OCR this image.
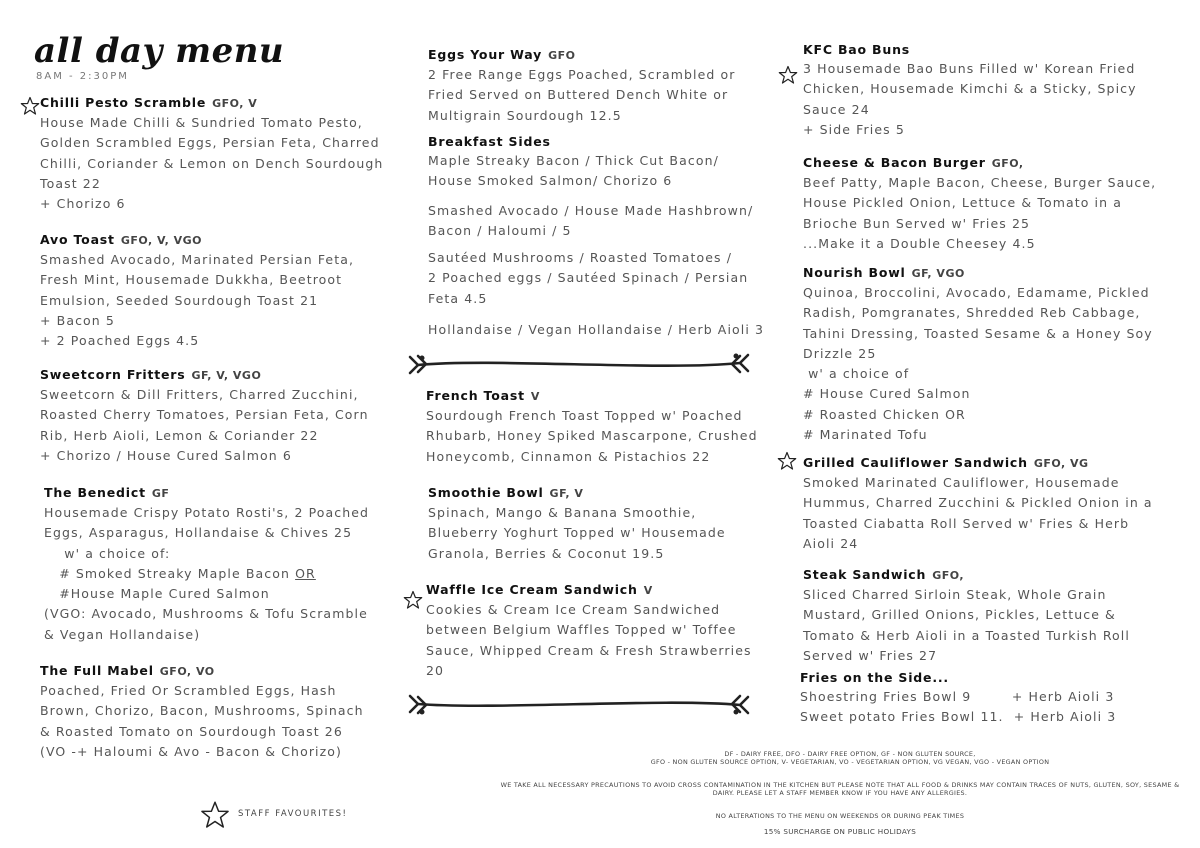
all day menu
8AM - 2:30PM
Chilli Pesto Scramble GFO, V
House Made Chilli & Sundried Tomato Pesto,
Golden Scrambled Eggs, Persian Feta, Charred
Chilli, Coriander & Lemon on Dench Sourdough
Toast 22
+ Chorizo 6
Avo Toast GFO, V, VGO
Smashed Avocado, Marinated Persian Feta,
Fresh Mint, Housemade Dukkha, Beetroot
Emulsion, Seeded Sourdough Toast 21
+ Bacon 5
+ 2 Poached Eggs 4.5
Sweetcorn Fritters GF, V, VGO
Sweetcorn & Dill Fritters, Charred Zucchini,
Roasted Cherry Tomatoes, Persian Feta, Corn
Rib, Herb Aioli, Lemon & Coriander 22
+ Chorizo / House Cured Salmon 6
The Benedict GF
Housemade Crispy Potato Rosti's, 2 Poached
Eggs, Asparagus, Hollandaise & Chives 25
w' a choice of:
# Smoked Streaky Maple Bacon OR
#House Maple Cured Salmon
(VGO: Avocado, Mushrooms & Tofu Scramble
& Vegan Hollandaise)
The Full Mabel GFO, VO
Poached, Fried Or Scrambled Eggs, Hash
Brown, Chorizo, Bacon, Mushrooms, Spinach
& Roasted Tomato on Sourdough Toast 26
(VO -+ Haloumi & Avo - Bacon & Chorizo)
STAFF FAVOURITES!
Eggs Your Way GFO
2 Free Range Eggs Poached, Scrambled or
Fried Served on Buttered Dench White or
Multigrain Sourdough 12.5
Breakfast Sides
Maple Streaky Bacon / Thick Cut Bacon/
House Smoked Salmon/ Chorizo 6
Smashed Avocado / House Made Hashbrown/
Bacon / Haloumi / 5
Sautéed Mushrooms / Roasted Tomatoes /
2 Poached eggs / Sautéed Spinach / Persian
Feta 4.5
Hollandaise / Vegan Hollandaise / Herb Aioli 3
French Toast V
Sourdough French Toast Topped w' Poached
Rhubarb, Honey Spiked Mascarpone, Crushed
Honeycomb, Cinnamon & Pistachios 22
Smoothie Bowl GF, V
Spinach, Mango & Banana Smoothie,
Blueberry Yoghurt Topped w' Housemade
Granola, Berries & Coconut 19.5
Waffle Ice Cream Sandwich V
Cookies & Cream Ice Cream Sandwiched
between Belgium Waffles Topped w' Toffee
Sauce, Whipped Cream & Fresh Strawberries
20
KFC Bao Buns
3 Housemade Bao Buns Filled w' Korean Fried
Chicken, Housemade Kimchi & a Sticky, Spicy
Sauce 24
+ Side Fries 5
Cheese & Bacon Burger GFO,
Beef Patty, Maple Bacon, Cheese, Burger Sauce,
House Pickled Onion, Lettuce & Tomato in a
Brioche Bun Served w' Fries 25
...Make it a Double Cheesey 4.5
Nourish Bowl GF, VGO
Quinoa, Broccolini, Avocado, Edamame, Pickled
Radish, Pomgranates, Shredded Reb Cabbage,
Tahini Dressing, Toasted Sesame & a Honey Soy
Drizzle 25
w' a choice of
# House Cured Salmon
# Roasted Chicken OR
# Marinated Tofu
Grilled Cauliflower Sandwich GFO, VG
Smoked Marinated Cauliflower, Housemade
Hummus, Charred Zucchini & Pickled Onion in a
Toasted Ciabatta Roll Served w' Fries & Herb
Aioli 24
Steak Sandwich GFO,
Sliced Charred Sirloin Steak, Whole Grain
Mustard, Grilled Onions, Pickles, Lettuce &
Tomato & Herb Aioli in a Toasted Turkish Roll
Served w' Fries 27
Fries on the Side...
Shoestring Fries Bowl 9        + Herb Aioli 3
Sweet potato Fries Bowl 11.  + Herb Aioli 3
DF - DAIRY FREE, DFO - DAIRY FREE OPTION, GF - NON GLUTEN SOURCE,
GFO - NON GLUTEN SOURCE OPTION, V- VEGETARIAN, VO - VEGETARIAN OPTION, VG VEGAN, VGO - VEGAN OPTION
WE TAKE ALL NECESSARY PRECAUTIONS TO AVOID CROSS CONTAMINATION IN THE KITCHEN BUT PLEASE NOTE THAT ALL FOOD & DRINKS MAY CONTAIN TRACES OF NUTS, GLUTEN, SOY, SESAME &
DAIRY. PLEASE LET A STAFF MEMBER KNOW IF YOU HAVE ANY ALLERGIES.
NO ALTERATIONS TO THE MENU ON WEEKENDS OR DURING PEAK TIMES
15% SURCHARGE ON PUBLIC HOLIDAYS
